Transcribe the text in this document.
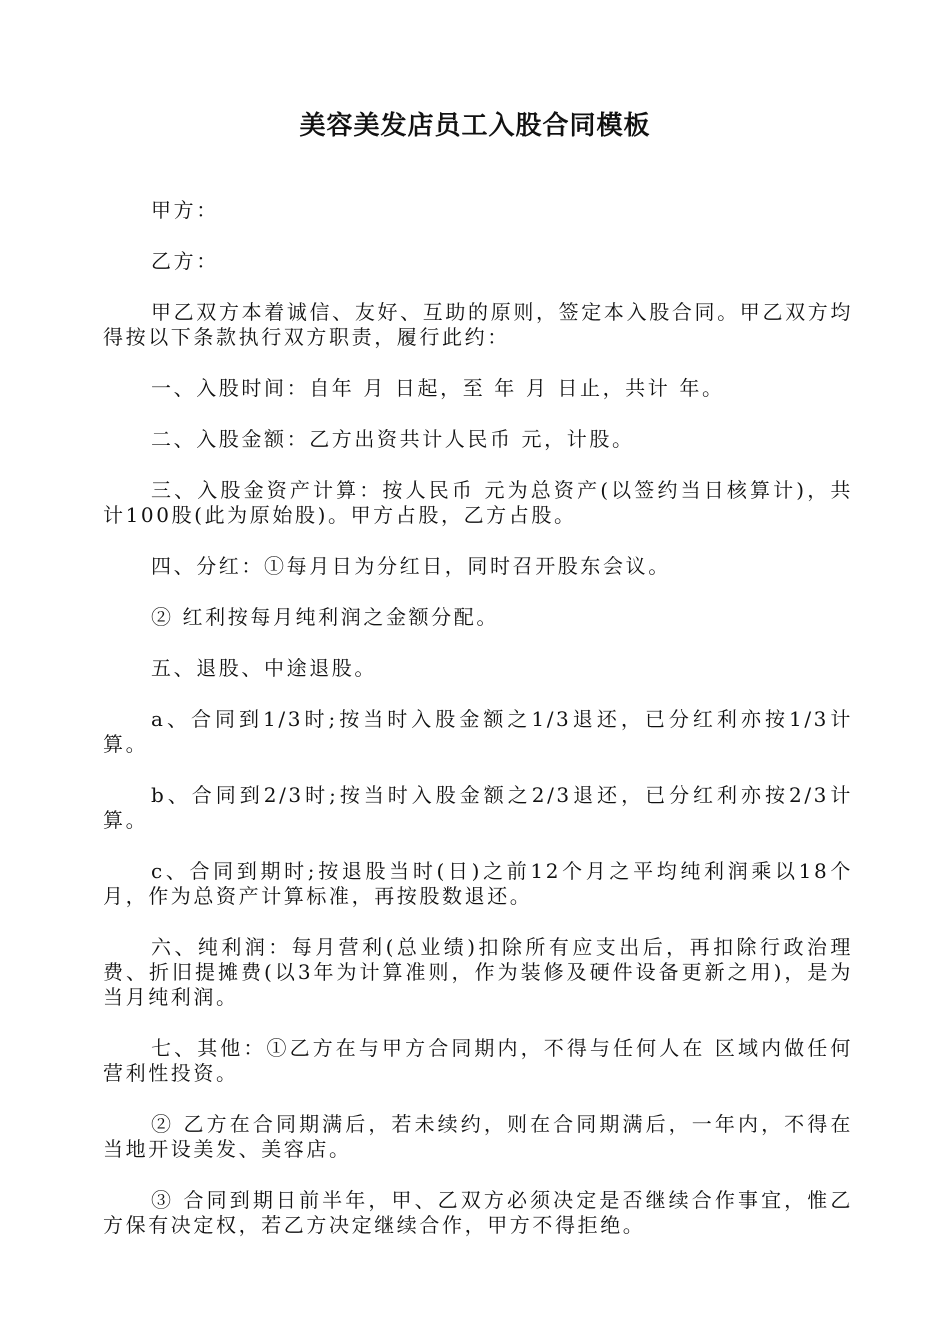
美容美发店员工入股合同模板

甲方：

乙方：

甲乙双方本着诚信、友好、互助的原则，签定本入股合同。甲乙双方均得按以下条款执行双方职责，履行此约：

一、入股时间：自年 月 日起，至 年 月 日止，共计 年。

二、入股金额：乙方出资共计人民币 元，计股。

三、入股金资产计算：按人民币 元为总资产(以签约当日核算计)，共计100股(此为原始股)。甲方占股，乙方占股。

四、分红：①每月日为分红日，同时召开股东会议。

② 红利按每月纯利润之金额分配。

五、退股、中途退股。

a、合同到1/3时;按当时入股金额之1/3退还，已分红利亦按1/3计算。

b、合同到2/3时;按当时入股金额之2/3退还，已分红利亦按2/3计算。

c、合同到期时;按退股当时(日)之前12个月之平均纯利润乘以18个月，作为总资产计算标准，再按股数退还。

六、纯利润：每月营利(总业绩)扣除所有应支出后，再扣除行政治理费、折旧提摊费(以3年为计算准则，作为装修及硬件设备更新之用)，是为当月纯利润。

七、其他：①乙方在与甲方合同期内，不得与任何人在 区域内做任何营利性投资。

② 乙方在合同期满后，若未续约，则在合同期满后，一年内，不得在当地开设美发、美容店。

③ 合同到期日前半年，甲、乙双方必须决定是否继续合作事宜，惟乙方保有决定权，若乙方决定继续合作，甲方不得拒绝。
